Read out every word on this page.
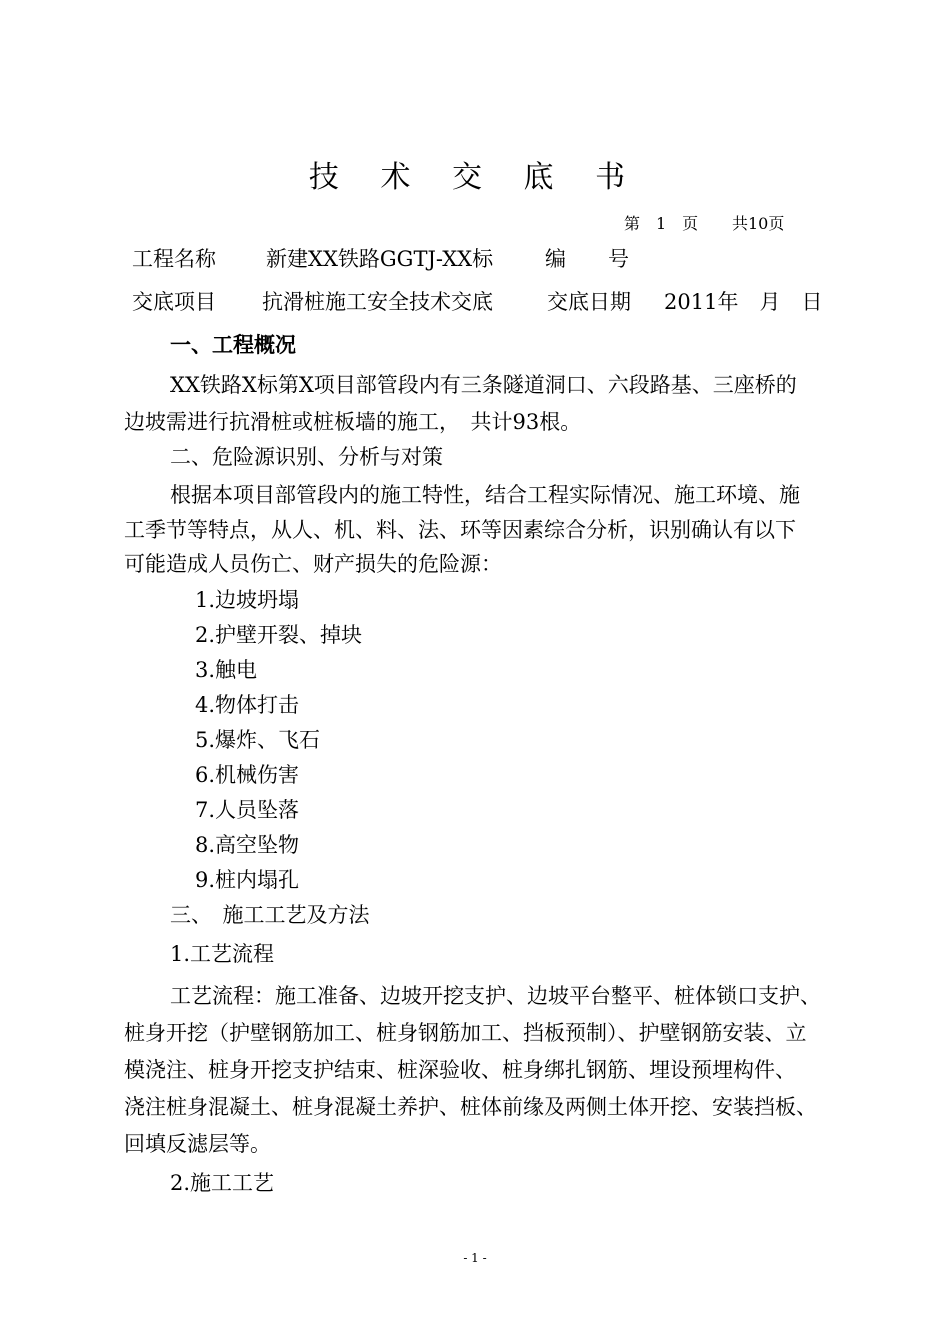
技 术 交 底 书
第　1　页 共10页
工程名称 新建XX铁路GGTJ-XX标 编　　号
交底项目 抗滑桩施工安全技术交底	交底日期 2011年　月　日
一、工程概况
XX铁路X标第X项目部管段内有三条隧道洞口、六段路基、三座桥的
边坡需进行抗滑桩或桩板墙的施工，　共计93根。
二、危险源识别、分析与对策
根据本项目部管段内的施工特性，结合工程实际情况、施工环境、施
工季节等特点，从人、机、料、法、环等因素综合分析，识别确认有以下
可能造成人员伤亡、财产损失的危险源：
1.边坡坍塌
2.护壁开裂、掉块
3.触电
4.物体打击
5.爆炸、飞石
6.机械伤害
7.人员坠落
8.高空坠物
9.桩内塌孔
三、　施工工艺及方法
1.工艺流程
工艺流程：施工准备、边坡开挖支护、边坡平台整平、桩体锁口支护、
桩身开挖（护壁钢筋加工、桩身钢筋加工、挡板预制）、护壁钢筋安装、立
模浇注、桩身开挖支护结束、桩深验收、桩身绑扎钢筋、埋设预埋构件、
浇注桩身混凝土、桩身混凝土养护、桩体前缘及两侧土体开挖、安装挡板、
回填反滤层等。
2.施工工艺
- 1 -
